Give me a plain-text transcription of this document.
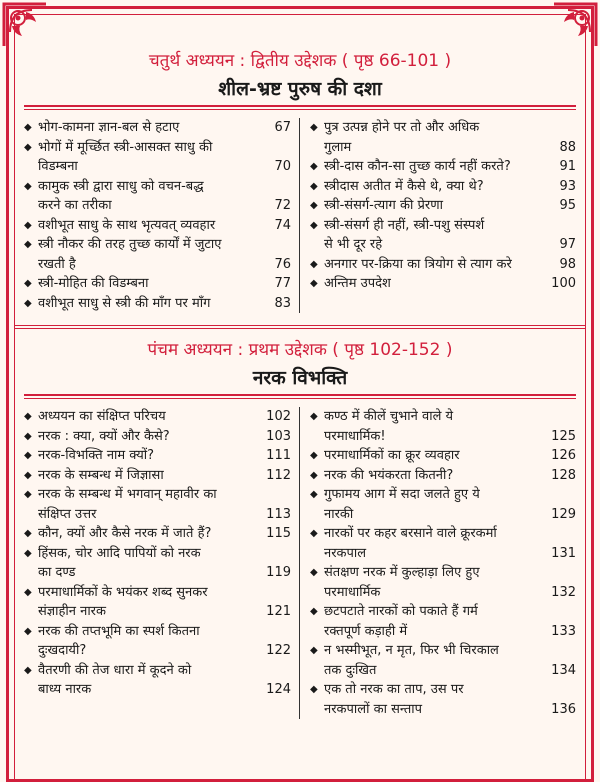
चतुर्थ अध्ययन : द्वितीय उद्देशक ( पृष्ठ 66-101 )
शील-भ्रष्ट पुरुष की दशा
◆ भोग-कामना ज्ञान-बल से हटाए	67
◆ भोगों में मूर्च्छित स्त्री-आसक्त साधु की
विडम्बना	70
◆ कामुक स्त्री द्वारा साधु को वचन-बद्ध
करने का तरीका	72
◆ वशीभूत साधु के साथ भृत्यवत् व्यवहार	74
◆ स्त्री नौकर की तरह तुच्छ कार्यों में जुटाए
रखती है	76
◆ स्त्री-मोहित की विडम्बना	77
◆ वशीभूत साधु से स्त्री की माँग पर माँग	83
◆ पुत्र उत्पन्न होने पर तो और अधिक
गुलाम	88
◆ स्त्री-दास कौन-सा तुच्छ कार्य नहीं करते?	91
◆ स्त्रीदास अतीत में कैसे थे, क्या थे?	93
◆ स्त्री-संसर्ग-त्याग की प्रेरणा	95
◆ स्त्री-संसर्ग ही नहीं, स्त्री-पशु संस्पर्श
से भी दूर रहे	97
◆ अनगार पर-क्रिया का त्रियोग से त्याग करे	98
◆ अन्तिम उपदेश	100
पंचम अध्ययन : प्रथम उद्देशक ( पृष्ठ 102-152 )
नरक विभक्ति
◆ अध्ययन का संक्षिप्त परिचय	102
◆ नरक : क्या, क्यों और कैसे?	103
◆ नरक-विभक्ति नाम क्यों?	111
◆ नरक के सम्बन्ध में जिज्ञासा	112
◆ नरक के सम्बन्ध में भगवान् महावीर का
संक्षिप्त उत्तर	113
◆ कौन, क्यों और कैसे नरक में जाते हैं?	115
◆ हिंसक, चोर आदि पापियों को नरक
का दण्ड	119
◆ परमाधार्मिकों के भयंकर शब्द सुनकर
संज्ञाहीन नारक	121
◆ नरक की तप्तभूमि का स्पर्श कितना
दुःखदायी?	122
◆ वैतरणी की तेज धारा में कूदने को
बाध्य नारक	124
◆ कण्ठ में कीलें चुभाने वाले ये
परमाधार्मिक!	125
◆ परमाधार्मिकों का क्रूर व्यवहार	126
◆ नरक की भयंकरता कितनी?	128
◆ गुफामय आग में सदा जलते हुए ये
नारकी	129
◆ नारकों पर कहर बरसाने वाले क्रूरकर्मा
नरकपाल	131
◆ संतक्षण नरक में कुल्हाड़ा लिए हुए
परमाधार्मिक	132
◆ छटपटाते नारकों को पकाते हैं गर्म
रक्तपूर्ण कड़ाही में	133
◆ न भस्मीभूत, न मृत, फिर भी चिरकाल
तक दुःखित	134
◆ एक तो नरक का ताप, उस पर
नरकपालों का सन्ताप	136
